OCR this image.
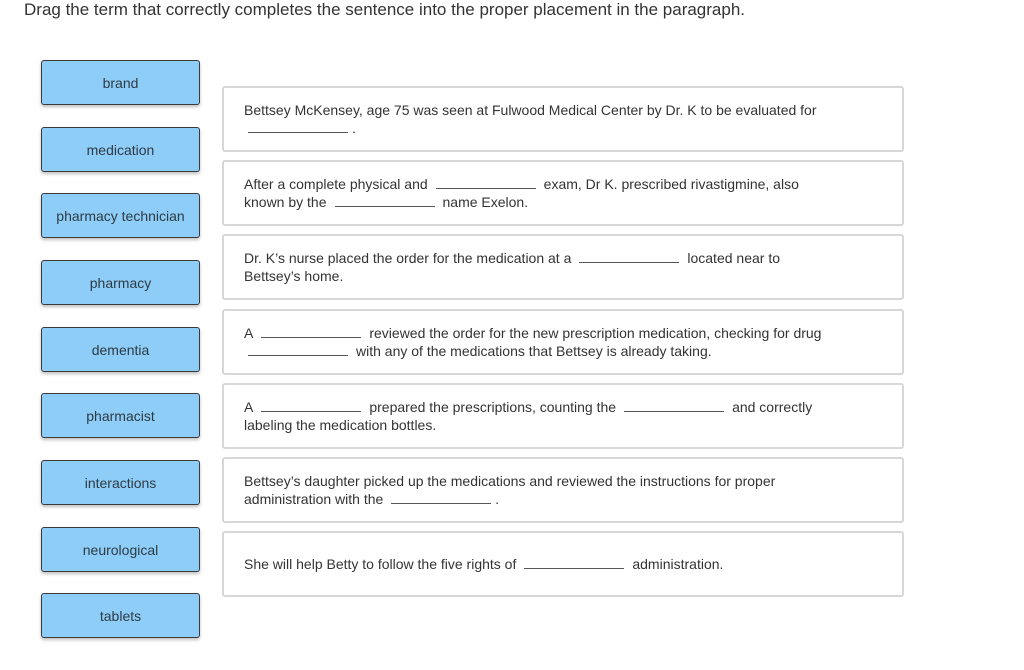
Drag the term that correctly completes the sentence into the proper placement in the paragraph.
brand
medication
pharmacy technician
pharmacy
dementia
pharmacist
interactions
neurological
tablets
Bettsey McKensey, age 75 was seen at Fulwood Medical Center by Dr. K to be evaluated for
.
After a complete physical and	exam, Dr K. prescribed rivastigmine, also
known by the	name Exelon.
Dr. K’s nurse placed the order for the medication at a	located near to
Bettsey’s home.
A	reviewed the order for the new prescription medication, checking for drug
with any of the medications that Bettsey is already taking.
A	prepared the prescriptions, counting the	and correctly
labeling the medication bottles.
Bettsey’s daughter picked up the medications and reviewed the instructions for proper
administration with the	.
She will help Betty to follow the five rights of	administration.
